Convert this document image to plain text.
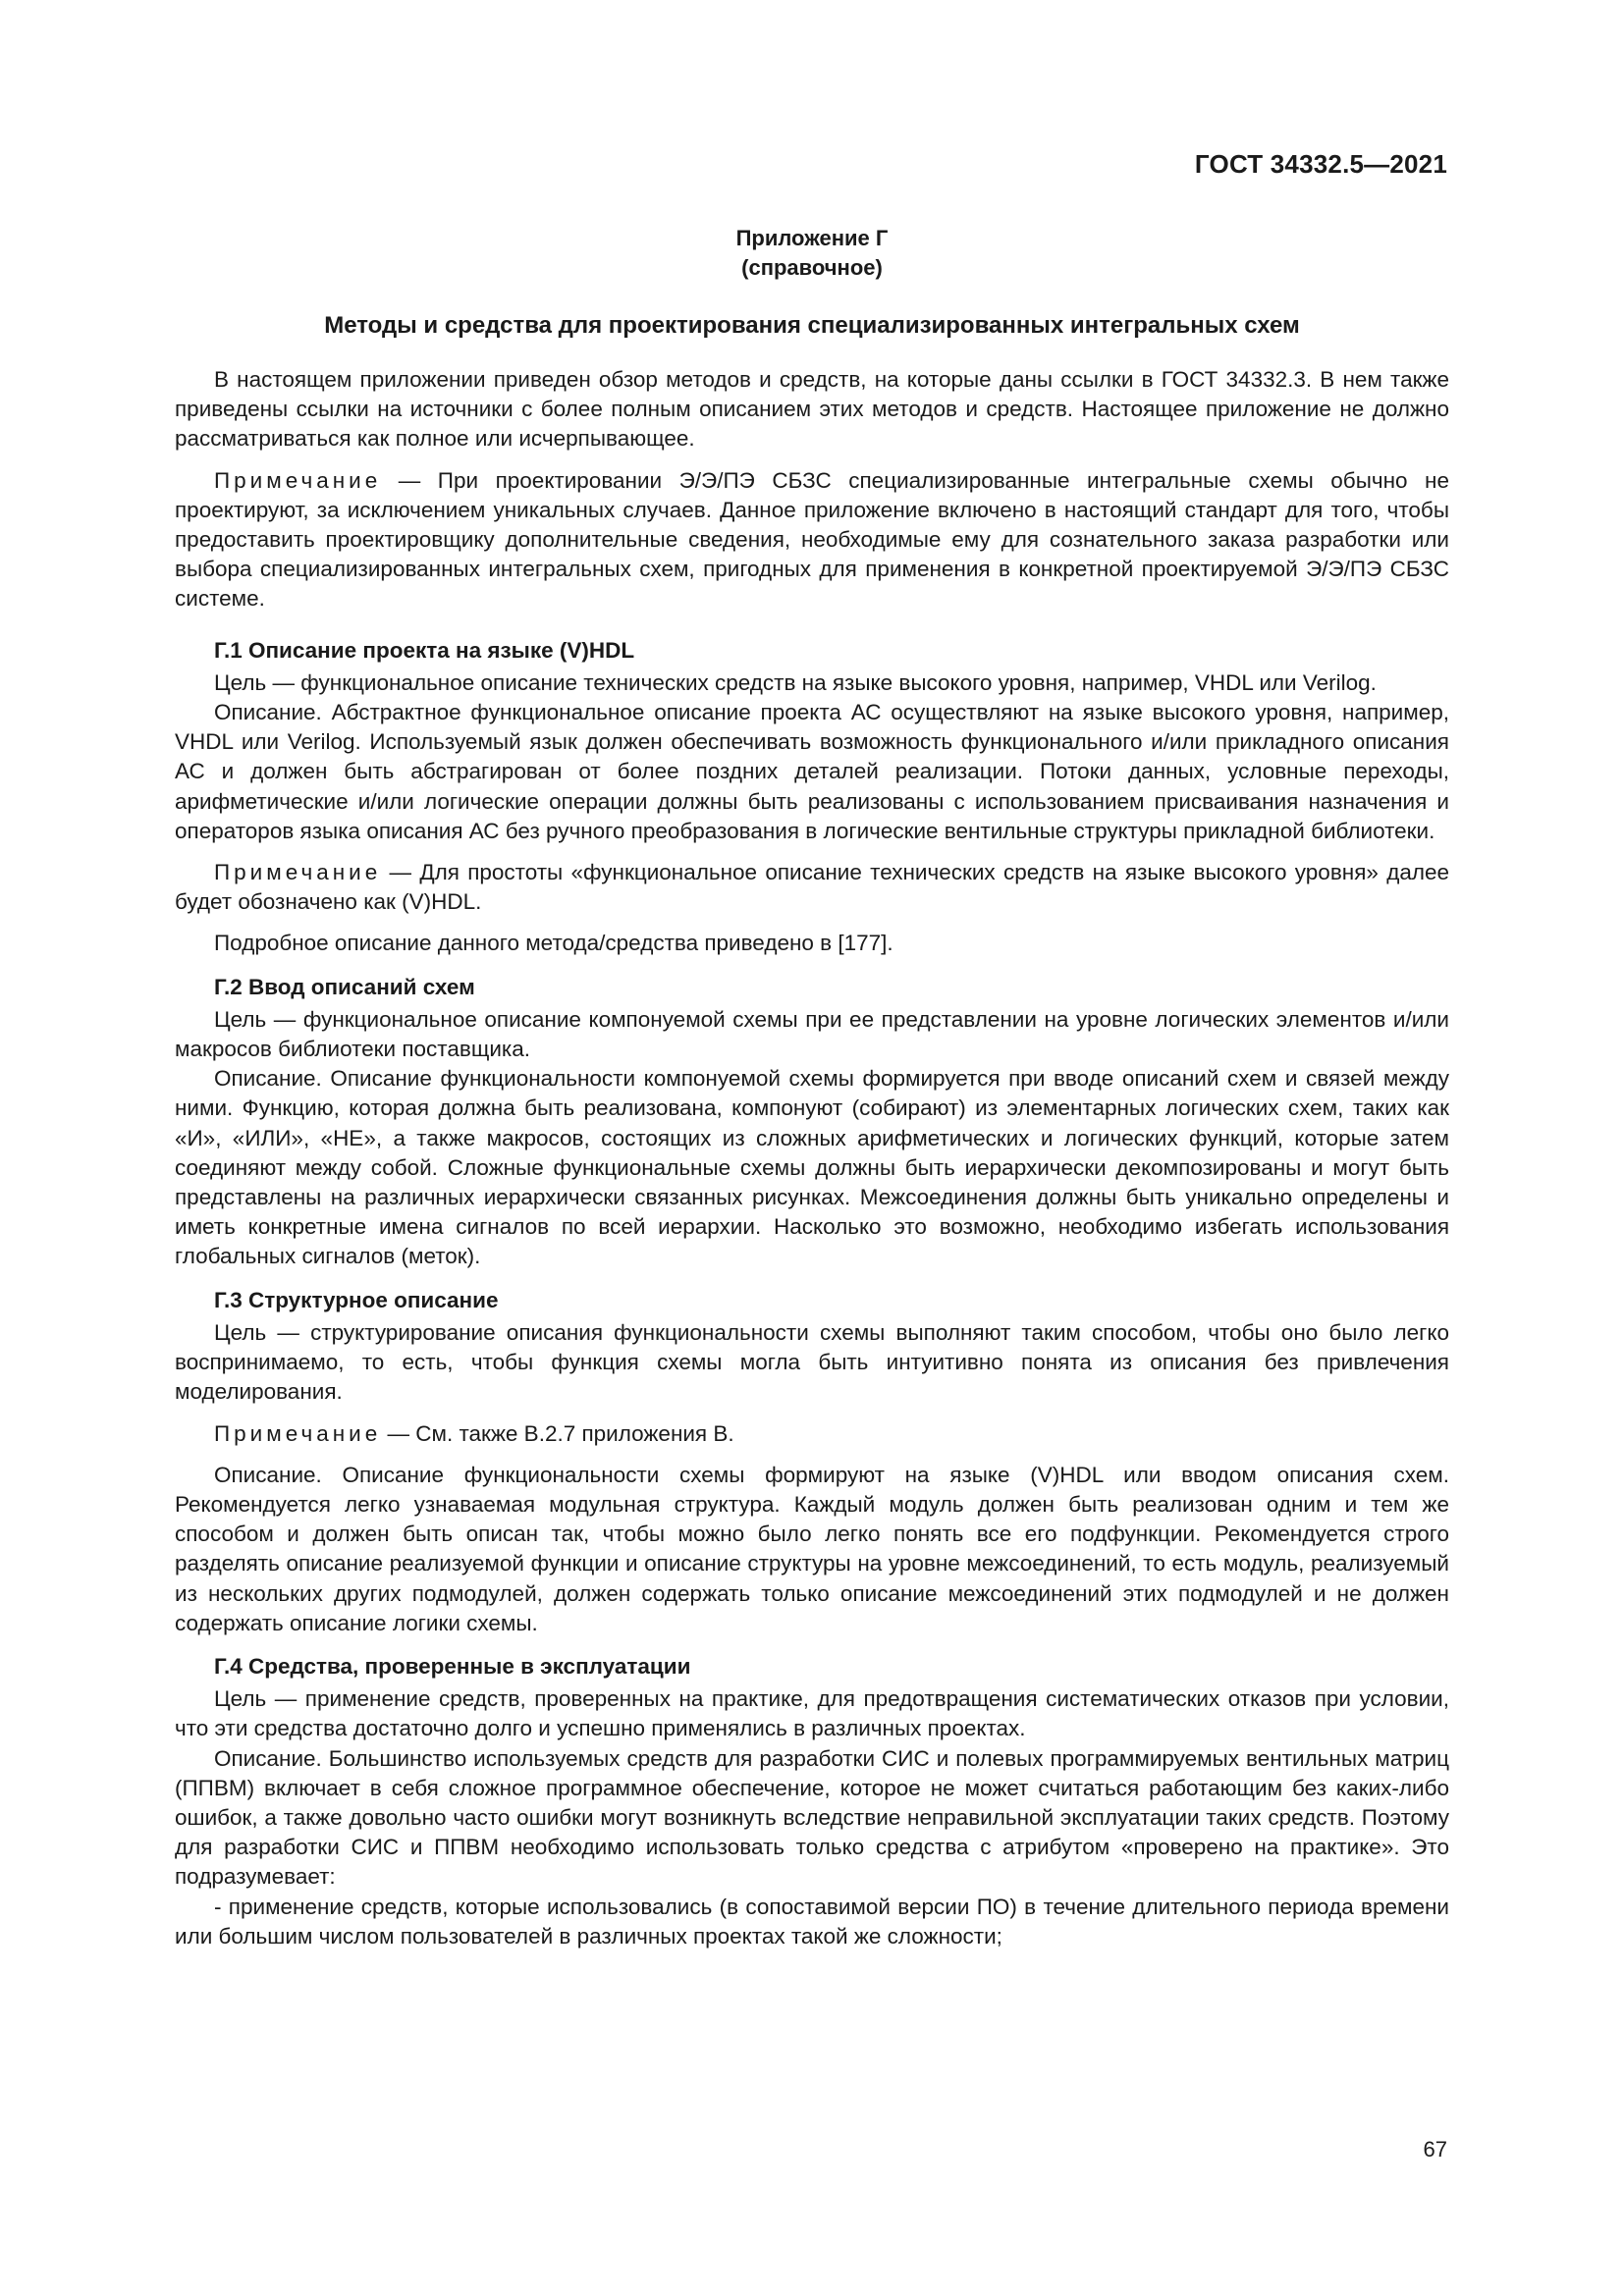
ГОСТ 34332.5—2021
Приложение Г
(справочное)
Методы и средства для проектирования специализированных интегральных схем

В настоящем приложении приведен обзор методов и средств, на которые даны ссылки в ГОСТ 34332.3. В нем также приведены ссылки на источники с более полным описанием этих методов и средств. Настоящее приложение не должно рассматриваться как полное или исчерпывающее.

Примечание — При проектировании Э/Э/ПЭ СБЗС специализированные интегральные схемы обычно не проектируют, за исключением уникальных случаев. Данное приложение включено в настоящий стандарт для того, чтобы предоставить проектировщику дополнительные сведения, необходимые ему для сознательного заказа разработки или выбора специализированных интегральных схем, пригодных для применения в конкретной проектируемой Э/Э/ПЭ СБЗС системе.

Г.1 Описание проекта на языке (V)HDL

Цель — функциональное описание технических средств на языке высокого уровня, например, VHDL или Verilog.

Описание. Абстрактное функциональное описание проекта АС осуществляют на языке высокого уровня, например, VHDL или Verilog. Используемый язык должен обеспечивать возможность функционального и/или прикладного описания АС и должен быть абстрагирован от более поздних деталей реализации. Потоки данных, условные переходы, арифметические и/или логические операции должны быть реализованы с использованием присваивания назначения и операторов языка описания АС без ручного преобразования в логические вентильные структуры прикладной библиотеки.

Примечание — Для простоты «функциональное описание технических средств на языке высокого уровня» далее будет обозначено как (V)HDL.

Подробное описание данного метода/средства приведено в [177].

Г.2 Ввод описаний схем

Цель — функциональное описание компонуемой схемы при ее представлении на уровне логических элементов и/или макросов библиотеки поставщика.

Описание. Описание функциональности компонуемой схемы формируется при вводе описаний схем и связей между ними. Функцию, которая должна быть реализована, компонуют (собирают) из элементарных логических схем, таких как «И», «ИЛИ», «НЕ», а также макросов, состоящих из сложных арифметических и логических функций, которые затем соединяют между собой. Сложные функциональные схемы должны быть иерархически декомпозированы и могут быть представлены на различных иерархически связанных рисунках. Межсоединения должны быть уникально определены и иметь конкретные имена сигналов по всей иерархии. Насколько это возможно, необходимо избегать использования глобальных сигналов (меток).

Г.3 Структурное описание

Цель — структурирование описания функциональности схемы выполняют таким способом, чтобы оно было легко воспринимаемо, то есть, чтобы функция схемы могла быть интуитивно понята из описания без привлечения моделирования.

Примечание — См. также В.2.7 приложения В.

Описание. Описание функциональности схемы формируют на языке (V)HDL или вводом описания схем. Рекомендуется легко узнаваемая модульная структура. Каждый модуль должен быть реализован одним и тем же способом и должен быть описан так, чтобы можно было легко понять все его подфункции. Рекомендуется строго разделять описание реализуемой функции и описание структуры на уровне межсоединений, то есть модуль, реализуемый из нескольких других подмодулей, должен содержать только описание межсоединений этих подмодулей и не должен содержать описание логики схемы.

Г.4 Средства, проверенные в эксплуатации

Цель — применение средств, проверенных на практике, для предотвращения систематических отказов при условии, что эти средства достаточно долго и успешно применялись в различных проектах.

Описание. Большинство используемых средств для разработки СИС и полевых программируемых вентильных матриц (ППВМ) включает в себя сложное программное обеспечение, которое не может считаться работающим без каких-либо ошибок, а также довольно часто ошибки могут возникнуть вследствие неправильной эксплуатации таких средств. Поэтому для разработки СИС и ППВМ необходимо использовать только средства с атрибутом «проверено на практике». Это подразумевает:

- применение средств, которые использовались (в сопоставимой версии ПО) в течение длительного периода времени или большим числом пользователей в различных проектах такой же сложности;

67
